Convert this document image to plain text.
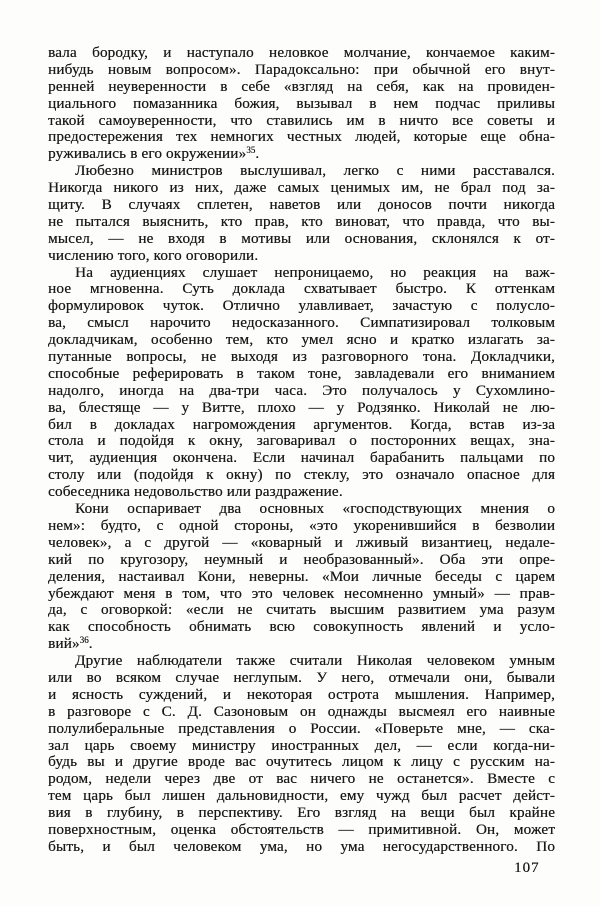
вала бородку, и наступало неловкое молчание, кончаемое каким-
нибудь новым вопросом». Парадоксально: при обычной его внут-
ренней неуверенности в себе «взгляд на себя, как на провиден-
циального помазанника божия, вызывал в нем подчас приливы
такой самоуверенности, что ставились им в ничто все советы и
предостережения тех немногих честных людей, которые еще обна-
руживались в его окружении»$^{35}$.
Любезно министров выслушивал, легко с ними расставался.
Никогда никого из них, даже самых ценимых им, не брал под за-
щиту. В случаях сплетен, наветов или доносов почти никогда
не пытался выяснить, кто прав, кто виноват, что правда, что вы-
мысел, — не входя в мотивы или основания, склонялся к от-
числению того, кого оговорили.
На аудиенциях слушает непроницаемо, но реакция на важ-
ное мгновенна. Суть доклада схватывает быстро. К оттенкам
формулировок чуток. Отлично улавливает, зачастую с полусло-
ва, смысл нарочито недосказанного. Симпатизировал толковым
докладчикам, особенно тем, кто умел ясно и кратко излагать за-
путанные вопросы, не выходя из разговорного тона. Докладчики,
способные реферировать в таком тоне, завладевали его вниманием
надолго, иногда на два-три часа. Это получалось у Сухомлино-
ва, блестяще — у Витте, плохо — у Родзянко. Николай не лю-
бил в докладах нагромождения аргументов. Когда, встав из-за
стола и подойдя к окну, заговаривал о посторонних вещах, зна-
чит, аудиенция окончена. Если начинал барабанить пальцами по
столу или (подойдя к окну) по стеклу, это означало опасное для
собеседника недовольство или раздражение.
Кони оспаривает два основных «господствующих мнения о
нем»: будто, с одной стороны, «это укоренившийся в безволии
человек», а с другой — «коварный и лживый византиец, недале-
кий по кругозору, неумный и необразованный». Оба эти опре-
деления, настаивал Кони, неверны. «Мои личные беседы с царем
убеждают меня в том, что это человек несомненно умный» — прав-
да, с оговоркой: «если не считать высшим развитием ума разум
как способность обнимать всю совокупность явлений и усло-
вий»$^{36}$.
Другие наблюдатели также считали Николая человеком умным
или во всяком случае неглупым. У него, отмечали они, бывали
и ясность суждений, и некоторая острота мышления. Например,
в разговоре с С. Д. Сазоновым он однажды высмеял его наивные
полулиберальные представления о России. «Поверьте мне, — ска-
зал царь своему министру иностранных дел, — если когда-ни-
будь вы и другие вроде вас очутитесь лицом к лицу с русским на-
родом, недели через две от вас ничего не останется». Вместе с
тем царь был лишен дальновидности, ему чужд был расчет дейст-
вия в глубину, в перспективу. Его взгляд на вещи был крайне
поверхностным, оценка обстоятельств — примитивной. Он, может
быть, и был человеком ума, но ума негосударственного. По
107
